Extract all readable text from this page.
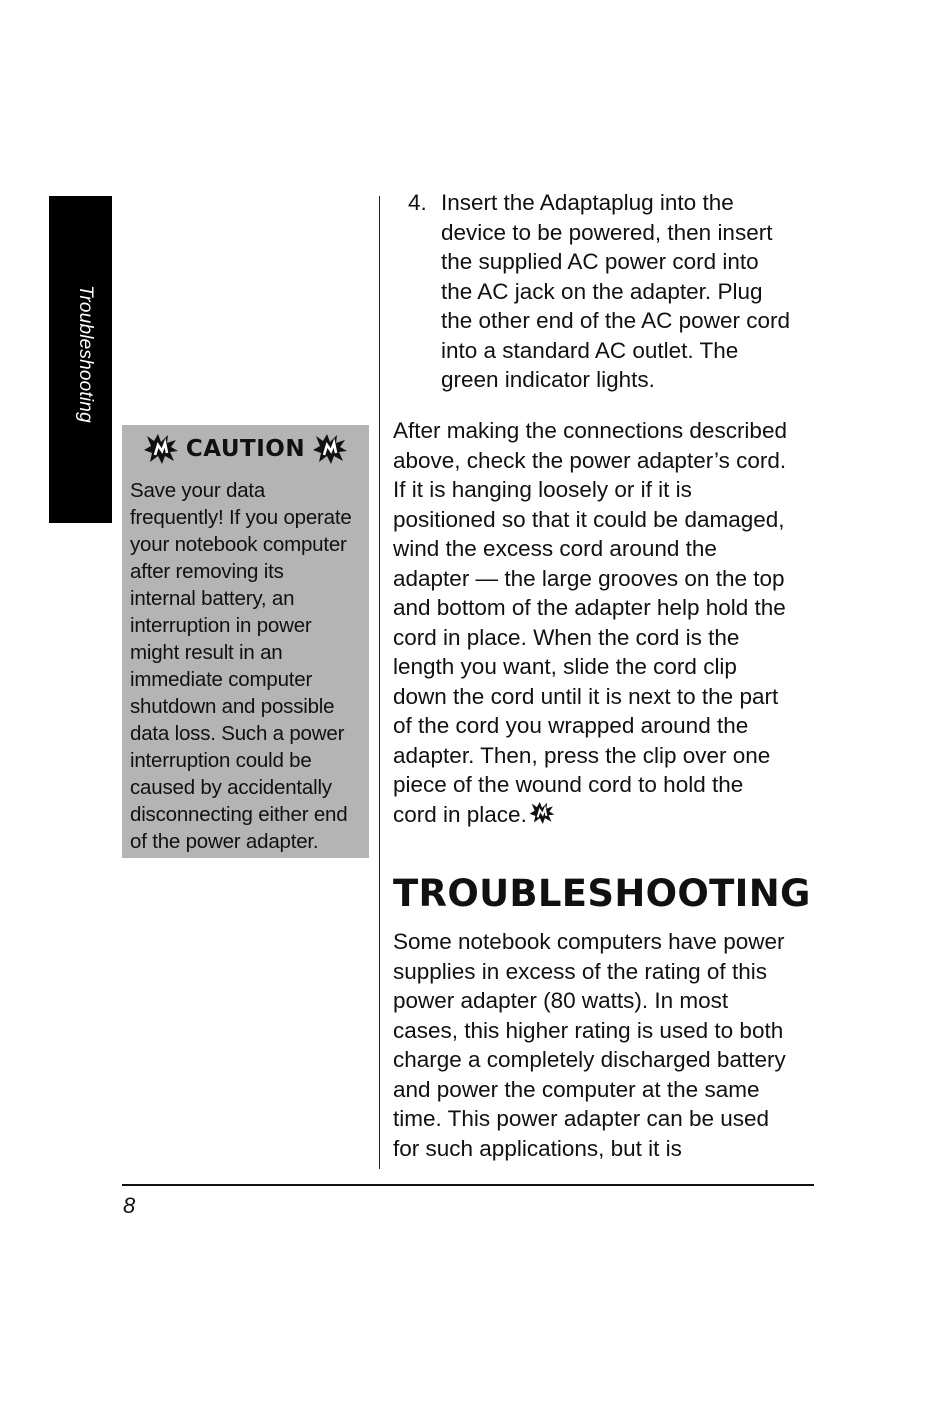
Troubleshooting
CAUTION
Save your data
frequently! If you operate
your notebook computer
after removing its
internal battery, an
interruption in power
might result in an
immediate computer
shutdown and possible
data loss. Such a power
interruption could be
caused by accidentally
disconnecting either end
of the power adapter.
4. Insert the Adaptaplug into the
device to be powered, then insert
the supplied AC power cord into
the AC jack on the adapter. Plug
the other end of the AC power cord
into a standard AC outlet. The
green indicator lights.
After making the connections described
above, check the power adapter’s cord.
If it is hanging loosely or if it is
positioned so that it could be damaged,
wind the excess cord around the
adapter — the large grooves on the top
and bottom of the adapter help hold the
cord in place. When the cord is the
length you want, slide the cord clip
down the cord until it is next to the part
of the cord you wrapped around the
adapter. Then, press the clip over one
piece of the wound cord to hold the
cord in place.
TROUBLESHOOTING
Some notebook computers have power
supplies in excess of the rating of this
power adapter (80 watts). In most
cases, this higher rating is used to both
charge a completely discharged battery
and power the computer at the same
time. This power adapter can be used
for such applications, but it is
8
